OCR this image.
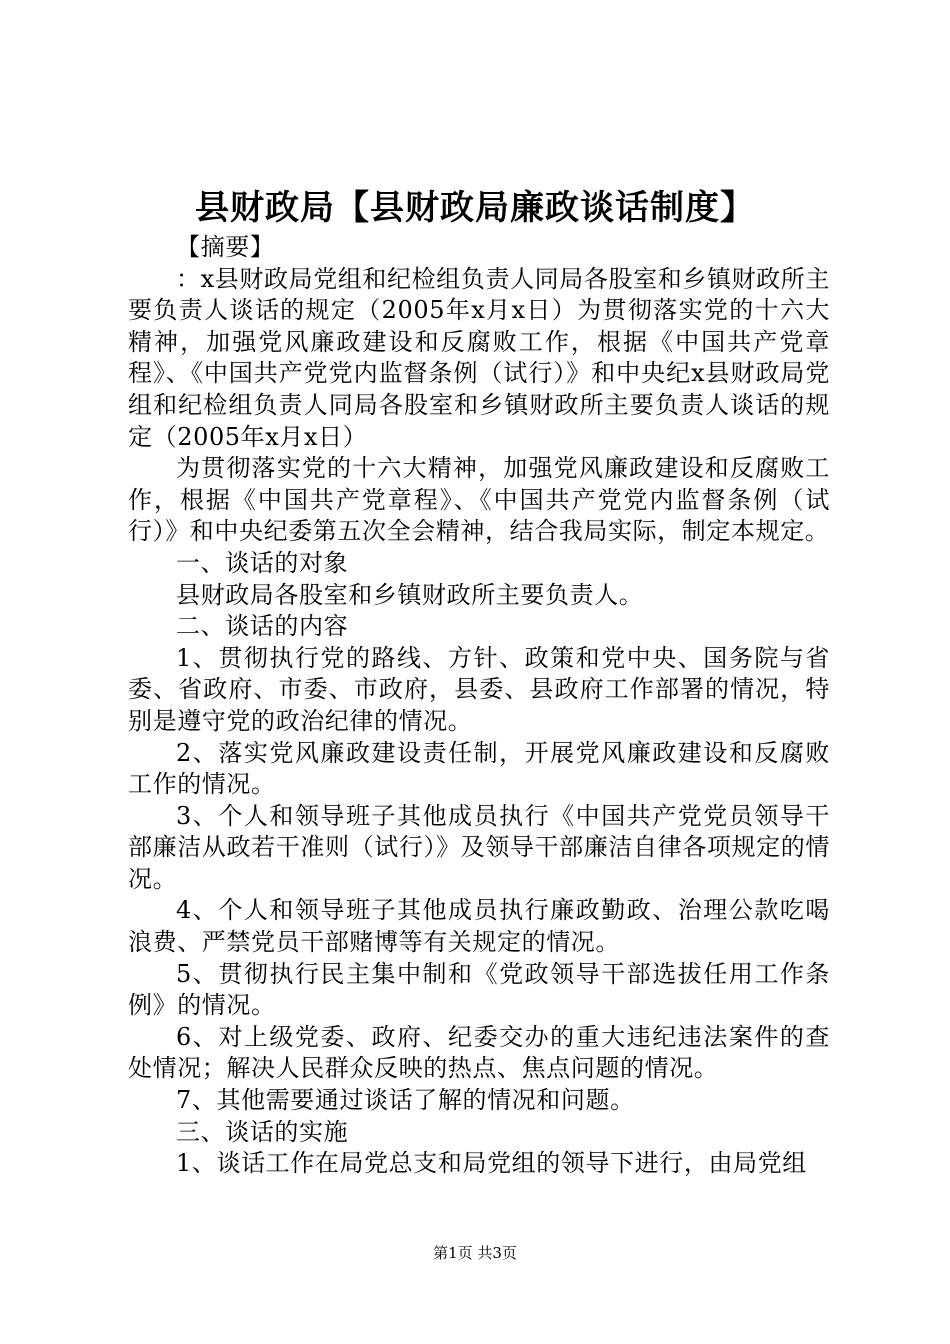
县财政局【县财政局廉政谈话制度】

【摘要】

：x县财政局党组和纪检组负责人同局各股室和乡镇财政所主要负责人谈话的规定（2005年x月x日）为贯彻落实党的十六大精神，加强党风廉政建设和反腐败工作，根据《中国共产党章程》、《中国共产党党内监督条例（试行）》和中央纪x县财政局党组和纪检组负责人同局各股室和乡镇财政所主要负责人谈话的规定（2005年x月x日）

为贯彻落实党的十六大精神，加强党风廉政建设和反腐败工作，根据《中国共产党章程》、《中国共产党党内监督条例（试行）》和中央纪委第五次全会精神，结合我局实际，制定本规定。

一、谈话的对象

县财政局各股室和乡镇财政所主要负责人。

二、谈话的内容

1、贯彻执行党的路线、方针、政策和党中央、国务院与省委、省政府、市委、市政府，县委、县政府工作部署的情况，特别是遵守党的政治纪律的情况。

2、落实党风廉政建设责任制，开展党风廉政建设和反腐败工作的情况。

3、个人和领导班子其他成员执行《中国共产党党员领导干部廉洁从政若干准则（试行）》及领导干部廉洁自律各项规定的情况。

4、个人和领导班子其他成员执行廉政勤政、治理公款吃喝浪费、严禁党员干部赌博等有关规定的情况。

5、贯彻执行民主集中制和《党政领导干部选拔任用工作条例》的情况。

6、对上级党委、政府、纪委交办的重大违纪违法案件的查处情况；解决人民群众反映的热点、焦点问题的情况。

7、其他需要通过谈话了解的情况和问题。

三、谈话的实施

1、谈话工作在局党总支和局党组的领导下进行，由局党组

第1页 共3页
